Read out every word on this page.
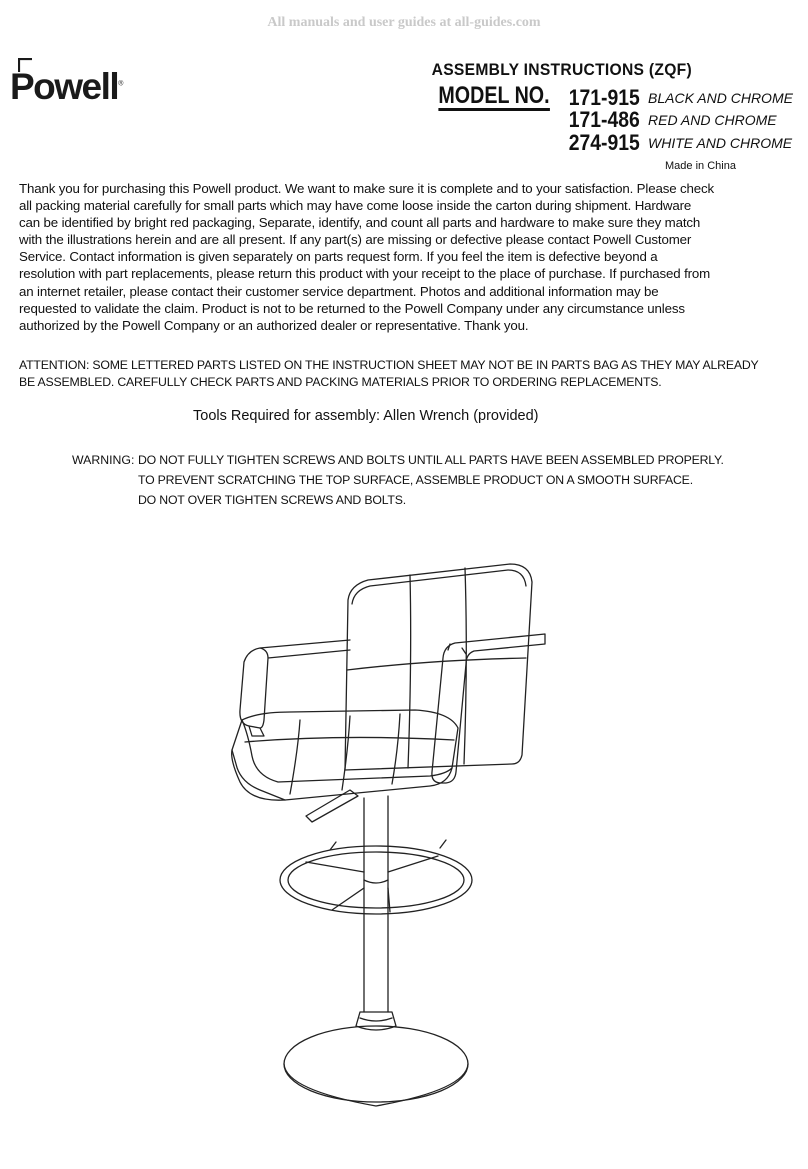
All manuals and user guides at all-guides.com
Powell®
ASSEMBLY INSTRUCTIONS (ZQF)
MODEL NO. 171-915 BLACK AND CHROME
171-486 RED AND CHROME
274-915 WHITE AND CHROME
Made in China
Thank you for purchasing this Powell product. We want to make sure it is complete and to your satisfaction. Please check
all packing material carefully for small parts which may have come loose inside the carton during shipment. Hardware
can be identified by bright red packaging, Separate, identify, and count all parts and hardware to make sure they match
with the illustrations herein and are all present. If any part(s) are missing or defective please contact Powell Customer
Service. Contact information is given separately on parts request form. If you feel the item is defective beyond a
resolution with part replacements, please return this product with your receipt to the place of purchase. If purchased from
an internet retailer, please contact their customer service department. Photos and additional information may be
requested to validate the claim. Product is not to be returned to the Powell Company under any circumstance unless
authorized by the Powell Company or an authorized dealer or representative. Thank you.
ATTENTION: SOME LETTERED PARTS LISTED ON THE INSTRUCTION SHEET MAY NOT BE IN PARTS BAG AS THEY MAY ALREADY
BE ASSEMBLED. CAREFULLY CHECK PARTS AND PACKING MATERIALS PRIOR TO ORDERING REPLACEMENTS.
Tools Required for assembly: Allen Wrench (provided)
WARNING: DO NOT FULLY TIGHTEN SCREWS AND BOLTS UNTIL ALL PARTS HAVE BEEN ASSEMBLED PROPERLY.
TO PREVENT SCRATCHING THE TOP SURFACE, ASSEMBLE PRODUCT ON A SMOOTH SURFACE.
DO NOT OVER TIGHTEN SCREWS AND BOLTS.
